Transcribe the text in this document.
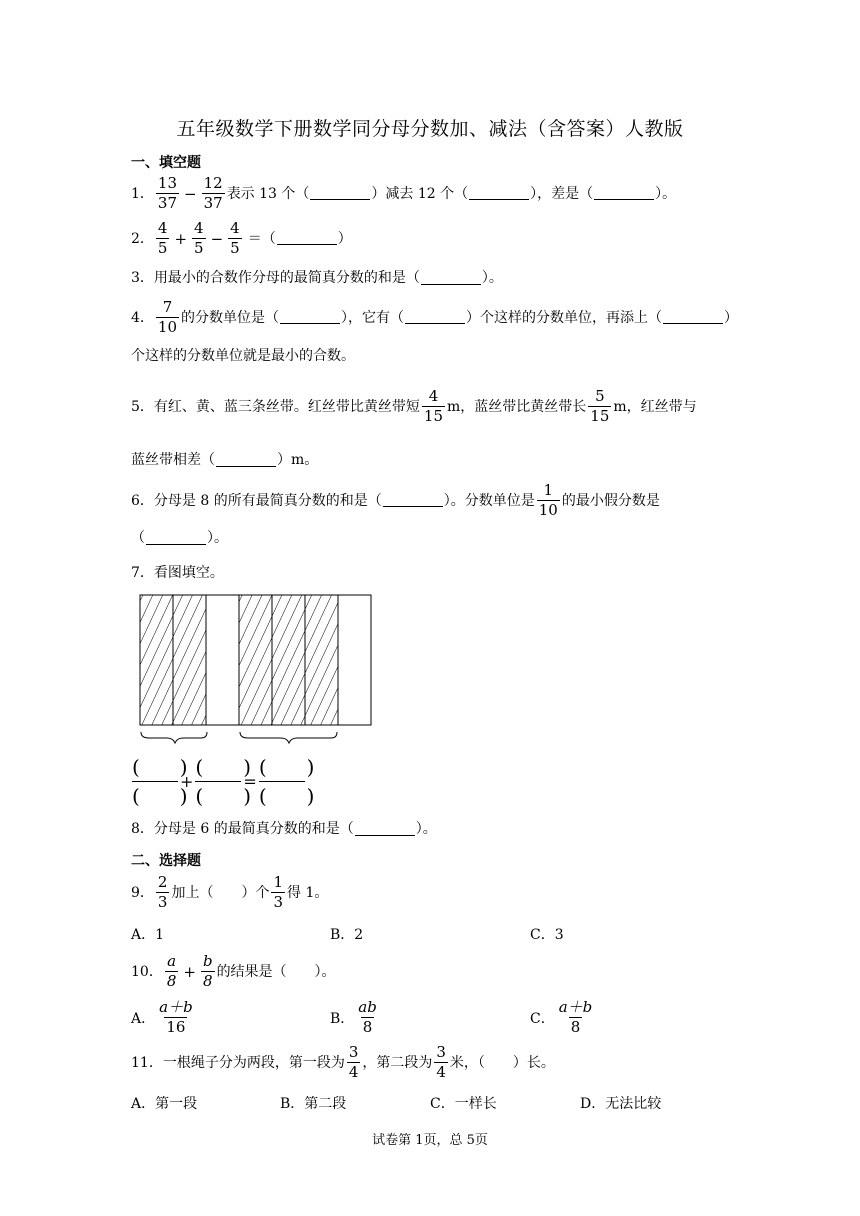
五年级数学下册数学同分母分数加、减法（含答案）人教版
一、填空题
1． $\frac{13}{37} - \frac{12}{37}$ 表示 13 个（	）减去 12 个（	），差是（	）。
2． $\frac{4}{5} + \frac{4}{5} - \frac{4}{5}$ ＝（	）
3． 用最小的合数作分母的最简真分数的和是（	）。
4． $\frac{7}{10}$ 的分数单位是（	），它有（	）个这样的分数单位，再添上（	）
个这样的分数单位就是最小的合数。
5． 有红、黄、蓝三条丝带。红丝带比黄丝带短 $\frac{4}{15}$ m，蓝丝带比黄丝带长 $\frac{5}{15}$ m，红丝带与
蓝丝带相差（	）m。
6． 分母是 8 的所有最简真分数的和是（	）。分数单位是 $\frac{1}{10}$ 的最小假分数是
（	）。
7． 看图填空。
$\frac{( )}{( )} + \frac{( )}{( )} = \frac{( )}{( )}$
8． 分母是 6 的最简真分数的和是（	）。
二、选择题
9． $\frac{2}{3}$ 加上（　　）个 $\frac{1}{3}$ 得 1。
A．1	B．2	C．3
10． $\frac{a}{8} + \frac{b}{8}$ 的结果是（　　）。
A． $\frac{a+b}{16}$	B． $\frac{ab}{8}$	C． $\frac{a+b}{8}$
11． 一根绳子分为两段，第一段为 $\frac{3}{4}$ ，第二段为 $\frac{3}{4}$ 米，（　　）长。
A．第一段	B．第二段	C．一样长	D．无法比较
试卷第 1页，总 5页
